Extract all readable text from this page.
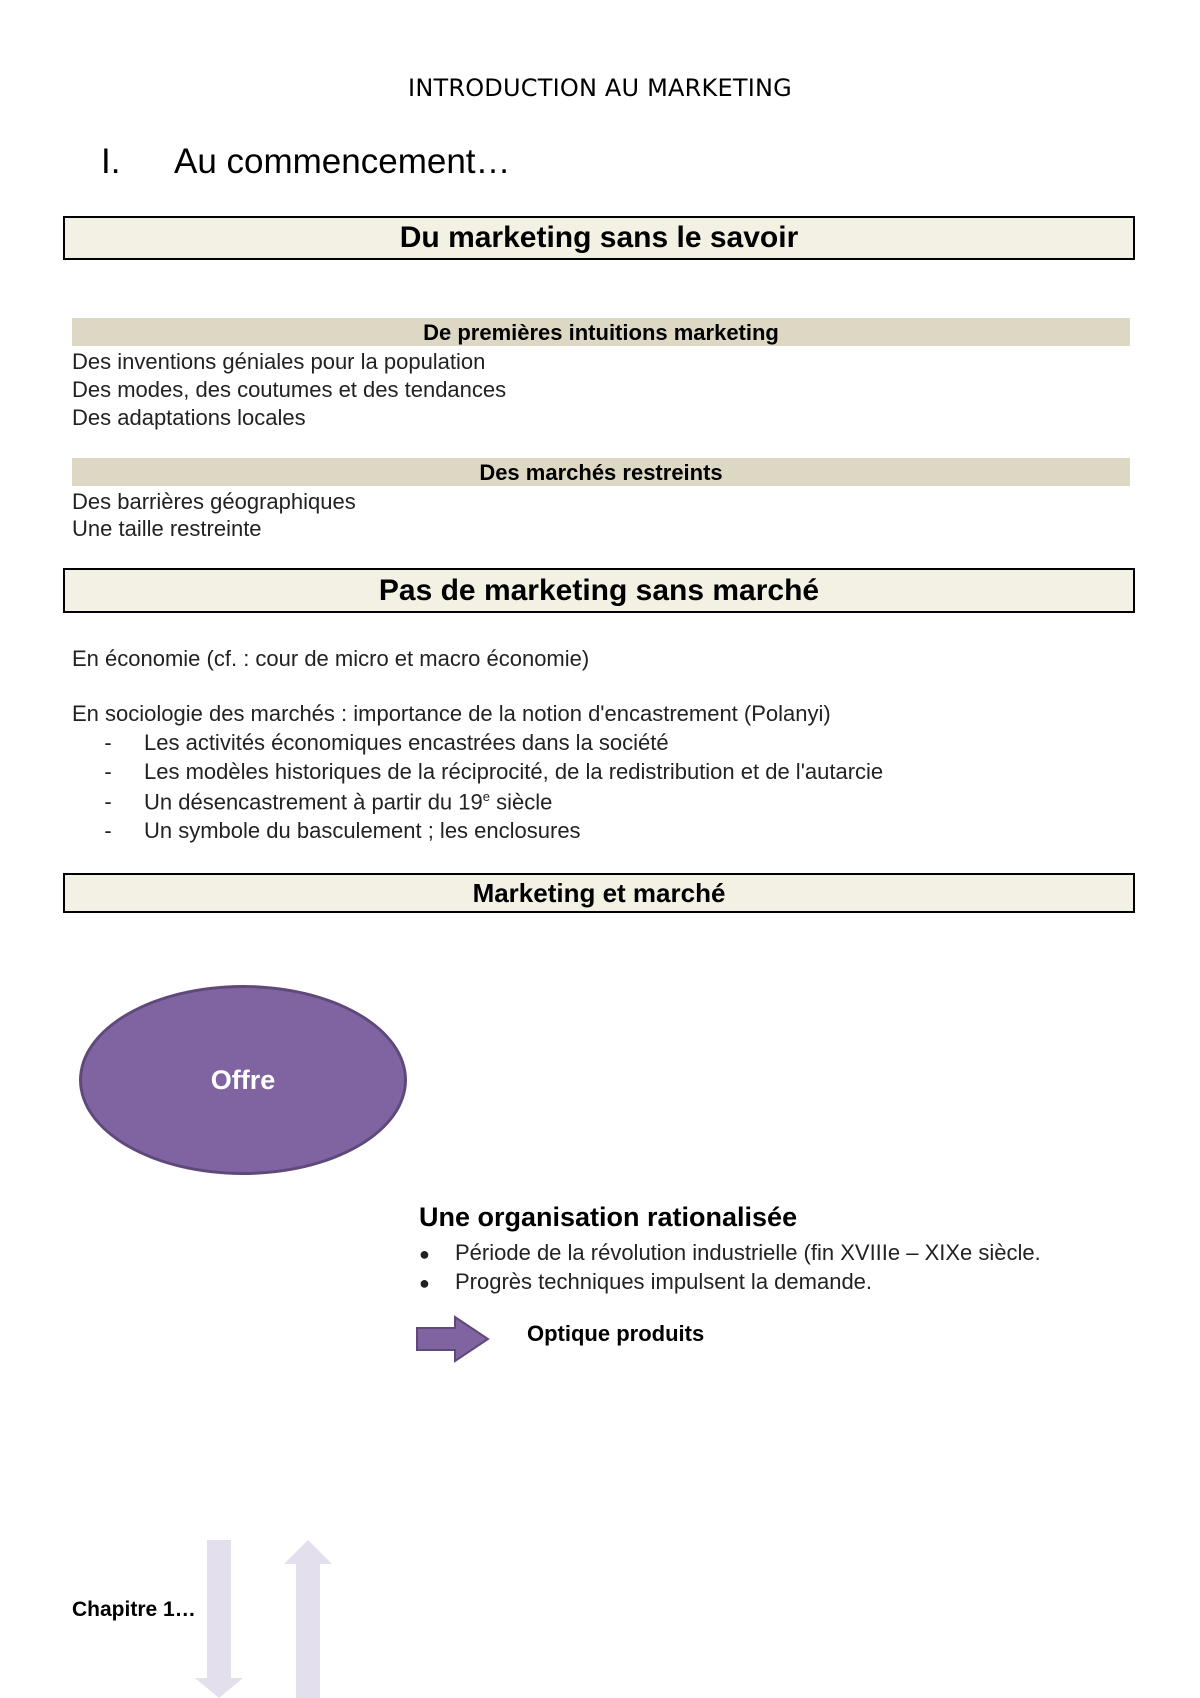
INTRODUCTION AU MARKETING
I. Au commencement…
Du marketing sans le savoir
De premières intuitions marketing
Des inventions géniales pour la population
Des modes, des coutumes et des tendances
Des adaptations locales
Des marchés restreints
Des barrières géographiques
Une taille restreinte
Pas de marketing sans marché
En économie (cf. : cour de micro et macro économie)
En sociologie des marchés : importance de la notion d'encastrement (Polanyi)
- Les activités économiques encastrées dans la société
- Les modèles historiques de la réciprocité, de la redistribution et de l'autarcie
- Un désencastrement à partir du 19e siècle
- Un symbole du basculement ; les enclosures
Marketing et marché
Offre
Une organisation rationalisée
● Période de la révolution industrielle (fin XVIIIe – XIXe siècle.
● Progrès techniques impulsent la demande.
Optique produits
Chapitre 1…
